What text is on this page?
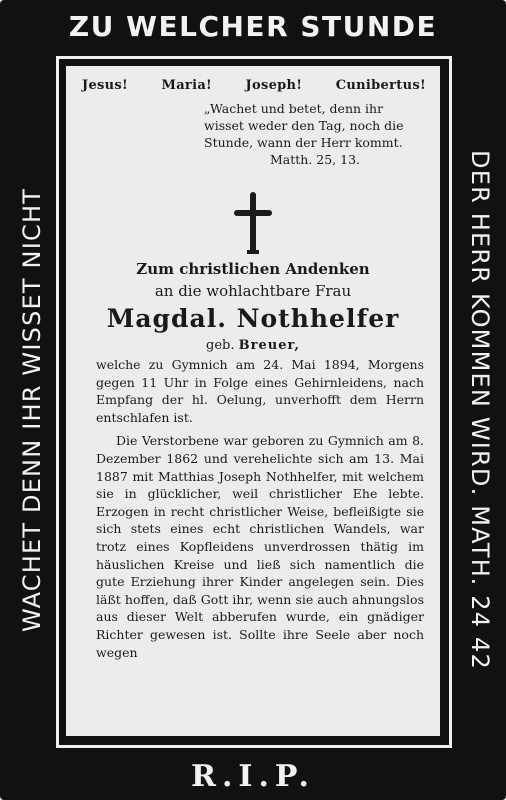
ZU WELCHER STUNDE
WACHET DENN IHR WISSET NICHT	DER HERR KOMMEN WIRD. MATH. 24 42
Jesus!	Maria!	Joseph!	Cunibertus!
„Wachet und betet, denn ihr wisset weder den Tag, noch die Stunde, wann der Herr kommt.
Matth. 25, 13.
Zum christlichen Andenken
an die wohlachtbare Frau
Magdal. Nothhelfer
geb. Breuer,

welche zu Gymnich am 24. Mai 1894, Morgens gegen 11 Uhr in Folge eines Gehirnleidens, nach Empfang der hl. Oelung, unverhofft dem Herrn entschlafen ist.

Die Verstorbene war geboren zu Gymnich am 8. Dezember 1862 und verehelichte sich am 13. Mai 1887 mit Matthias Joseph Nothhelfer, mit welchem sie in glücklicher, weil christlicher Ehe lebte. Erzogen in recht christlicher Weise, befleißigte sie sich stets eines echt christlichen Wandels, war trotz eines Kopfleidens unverdrossen thätig im häuslichen Kreise und ließ sich namentlich die gute Erziehung ihrer Kinder angelegen sein. Dies läßt hoffen, daß Gott ihr, wenn sie auch ahnungslos aus dieser Welt abberufen wurde, ein gnädiger Richter gewesen ist. Sollte ihre Seele aber noch wegen

R.I.P.
